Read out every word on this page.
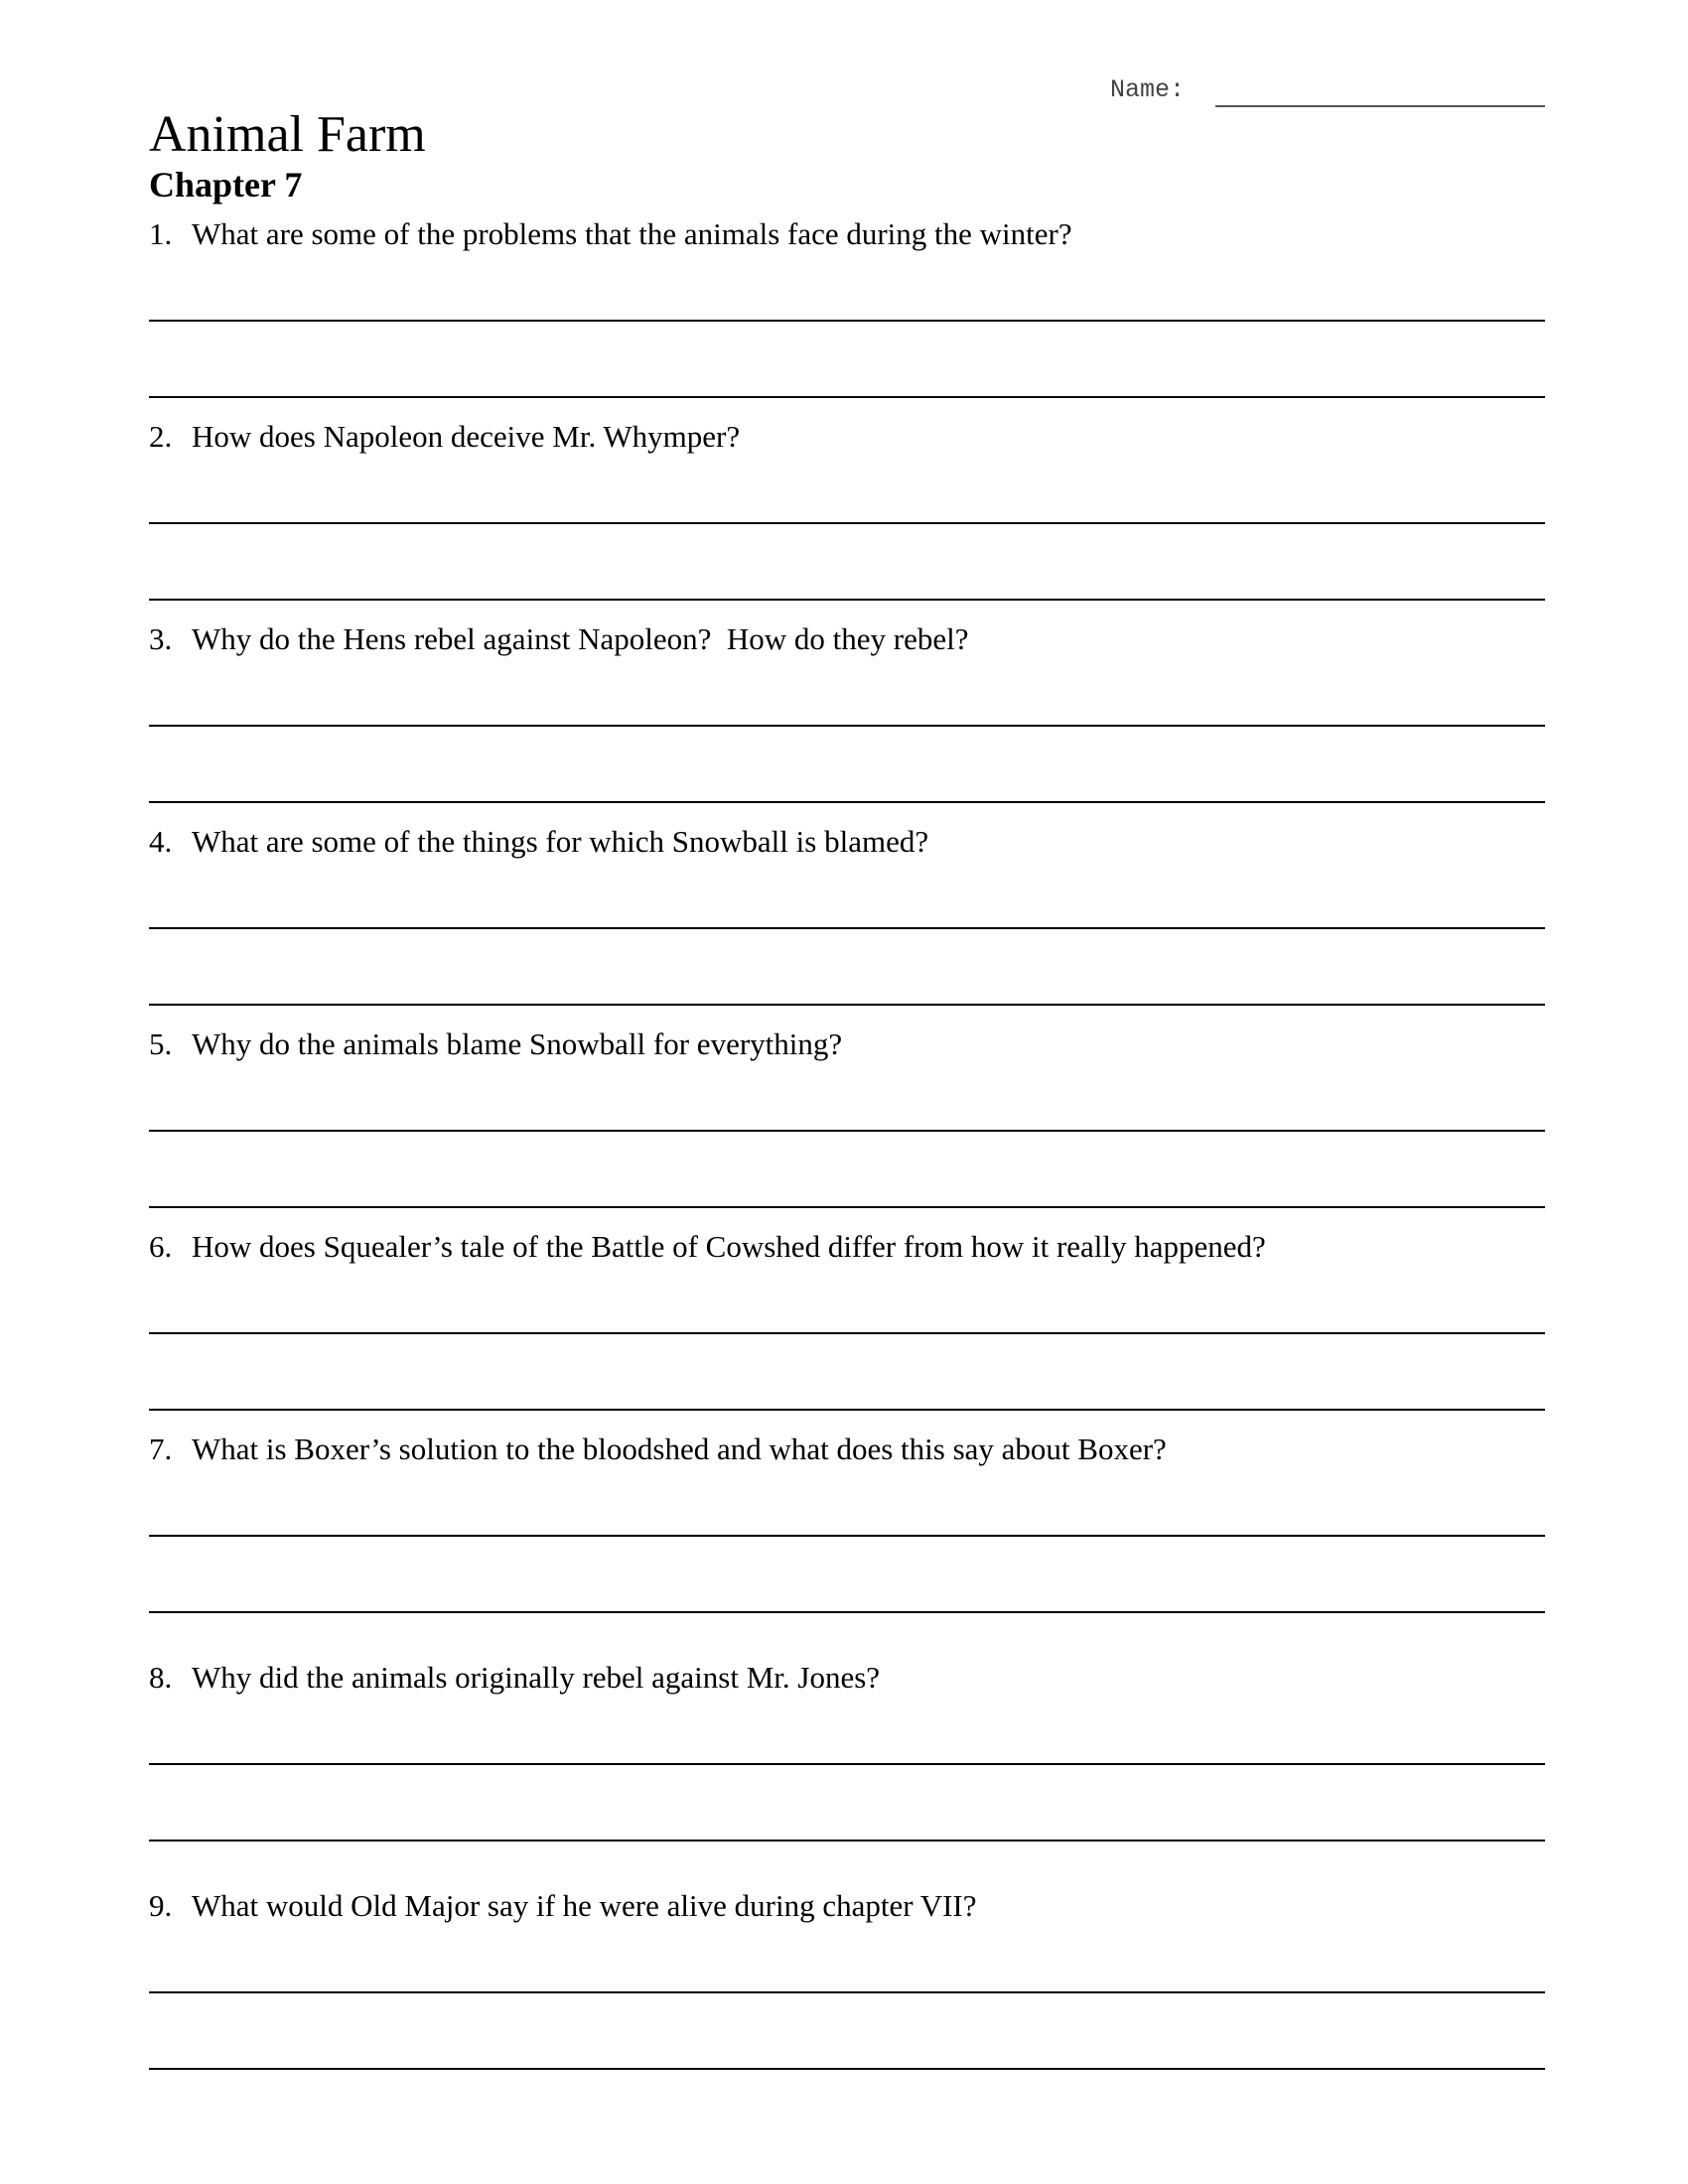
Name:
Animal Farm
Chapter 7
1. What are some of the problems that the animals face during the winter?
2. How does Napoleon deceive Mr. Whymper?
3. Why do the Hens rebel against Napoleon?  How do they rebel?
4. What are some of the things for which Snowball is blamed?
5. Why do the animals blame Snowball for everything?
6. How does Squealer’s tale of the Battle of Cowshed differ from how it really happened?
7. What is Boxer’s solution to the bloodshed and what does this say about Boxer?
8. Why did the animals originally rebel against Mr. Jones?
9. What would Old Major say if he were alive during chapter VII?
